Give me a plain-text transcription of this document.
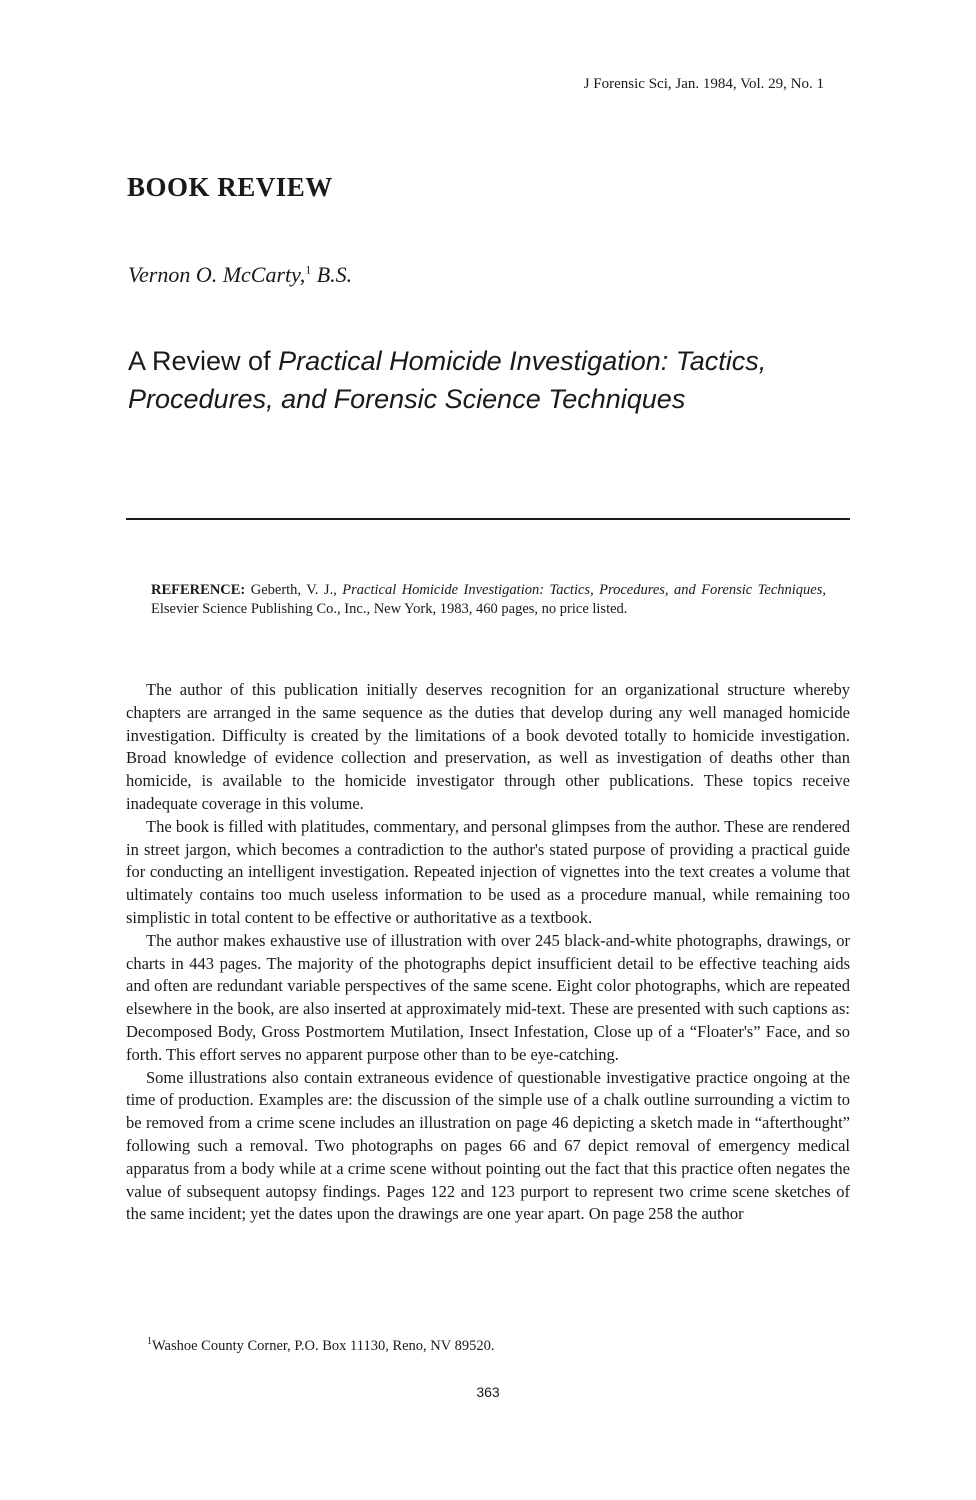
J Forensic Sci, Jan. 1984, Vol. 29, No. 1
BOOK REVIEW
Vernon O. McCarty,$^1$ B.S.
A Review of Practical Homicide Investigation: Tactics, Procedures, and Forensic Science Techniques
REFERENCE: Geberth, V. J., Practical Homicide Investigation: Tactics, Procedures, and Forensic Techniques, Elsevier Science Publishing Co., Inc., New York, 1983, 460 pages, no price listed.

The author of this publication initially deserves recognition for an organizational structure whereby chapters are arranged in the same sequence as the duties that develop during any well managed homicide investigation. Difficulty is created by the limitations of a book devoted totally to homicide investigation. Broad knowledge of evidence collection and preservation, as well as investigation of deaths other than homicide, is available to the homicide investigator through other publications. These topics receive inadequate coverage in this volume.

The book is filled with platitudes, commentary, and personal glimpses from the author. These are rendered in street jargon, which becomes a contradiction to the author's stated purpose of providing a practical guide for conducting an intelligent investigation. Repeated injection of vignettes into the text creates a volume that ultimately contains too much useless information to be used as a procedure manual, while remaining too simplistic in total content to be effective or authoritative as a textbook.

The author makes exhaustive use of illustration with over 245 black-and-white photographs, drawings, or charts in 443 pages. The majority of the photographs depict insufficient detail to be effective teaching aids and often are redundant variable perspectives of the same scene. Eight color photographs, which are repeated elsewhere in the book, are also inserted at approximately mid-text. These are presented with such captions as: Decomposed Body, Gross Postmortem Mutilation, Insect Infestation, Close up of a “Floater's” Face, and so forth. This effort serves no apparent purpose other than to be eye-catching.

Some illustrations also contain extraneous evidence of questionable investigative practice ongoing at the time of production. Examples are: the discussion of the simple use of a chalk outline surrounding a victim to be removed from a crime scene includes an illustration on page 46 depicting a sketch made in “afterthought” following such a removal. Two photographs on pages 66 and 67 depict removal of emergency medical apparatus from a body while at a crime scene without pointing out the fact that this practice often negates the value of subsequent autopsy findings. Pages 122 and 123 purport to represent two crime scene sketches of the same incident; yet the dates upon the drawings are one year apart. On page 258 the author

$^1$Washoe County Corner, P.O. Box 11130, Reno, NV 89520.
363
